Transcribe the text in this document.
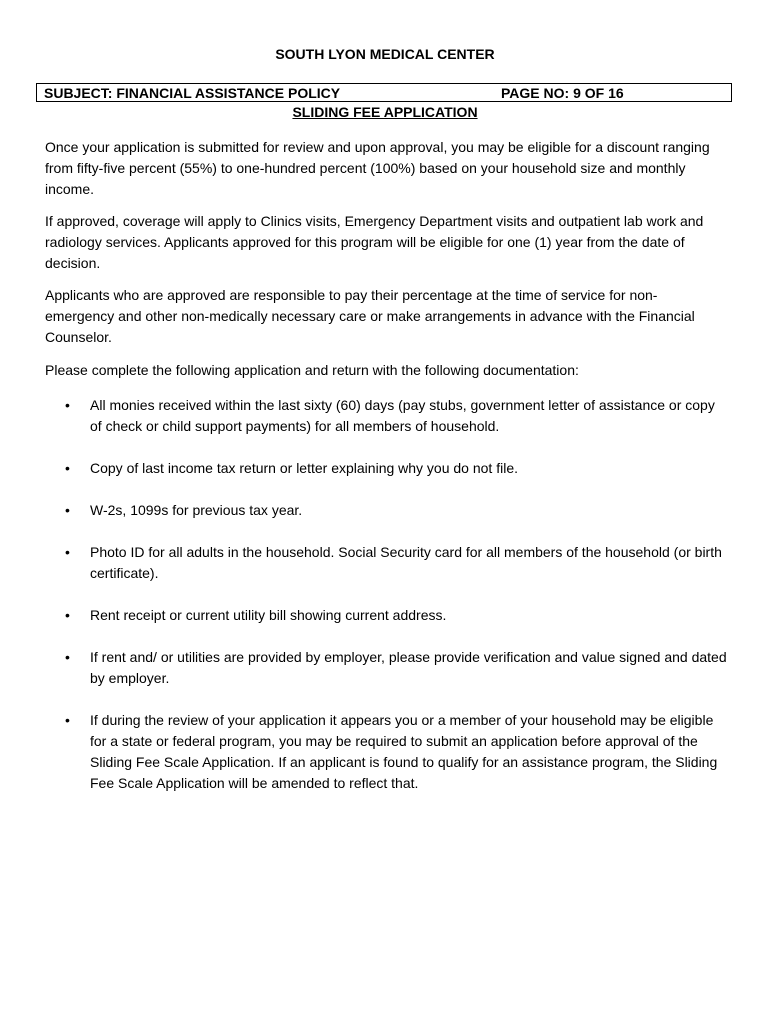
SOUTH LYON MEDICAL CENTER
SUBJECT: FINANCIAL ASSISTANCE POLICY	PAGE NO: 9 OF 16
SLIDING FEE APPLICATION

Once your application is submitted for review and upon approval, you may be eligible for a discount ranging from fifty-five percent (55%) to one-hundred percent (100%) based on your household size and monthly income.

If approved, coverage will apply to Clinics visits, Emergency Department visits and outpatient lab work and radiology services. Applicants approved for this program will be eligible for one (1) year from the date of decision.

Applicants who are approved are responsible to pay their percentage at the time of service for non-emergency and other non-medically necessary care or make arrangements in advance with the Financial Counselor.

Please complete the following application and return with the following documentation:

• All monies received within the last sixty (60) days (pay stubs, government letter of assistance or copy of check or child support payments) for all members of household.
• Copy of last income tax return or letter explaining why you do not file.
• W-2s, 1099s for previous tax year.
• Photo ID for all adults in the household. Social Security card for all members of the household (or birth certificate).
• Rent receipt or current utility bill showing current address.
• If rent and/ or utilities are provided by employer, please provide verification and value signed and dated by employer.
• If during the review of your application it appears you or a member of your household may be eligible for a state or federal program, you may be required to submit an application before approval of the Sliding Fee Scale Application. If an applicant is found to qualify for an assistance program, the Sliding Fee Scale Application will be amended to reflect that.
